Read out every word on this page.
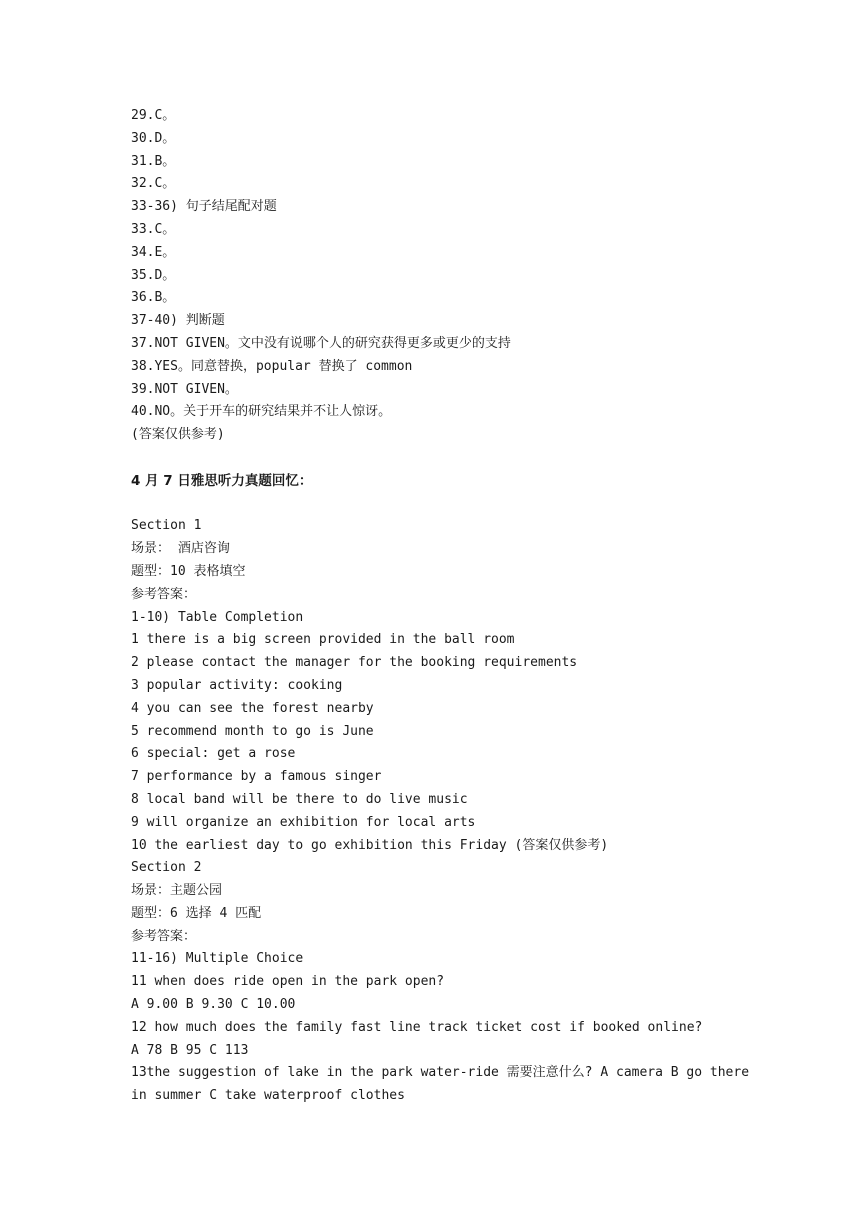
29.C。
30.D。
31.B。
32.C。
33-36) 句子结尾配对题
33.C。
34.E。
35.D。
36.B。
37-40) 判断题
37.NOT GIVEN。文中没有说哪个人的研究获得更多或更少的支持
38.YES。同意替换，popular 替换了 common
39.NOT GIVEN。
40.NO。关于开车的研究结果并不让人惊讶。
(答案仅供参考)
4 月 7 日雅思听力真题回忆：
Section 1
场景： 酒店咨询
题型：10 表格填空
参考答案：
1-10) Table Completion
1 there is a big screen provided in the ball room
2 please contact the manager for the booking requirements
3 popular activity: cooking
4 you can see the forest nearby
5 recommend month to go is June
6 special: get a rose
7 performance by a famous singer
8 local band will be there to do live music
9 will organize an exhibition for local arts
10 the earliest day to go exhibition this Friday (答案仅供参考)
Section 2
场景：主题公园
题型：6 选择 4 匹配
参考答案：
11-16) Multiple Choice
11 when does ride open in the park open?
A 9.00 B 9.30 C 10.00
12 how much does the family fast line track ticket cost if booked online?
A 78 B 95 C 113
13the suggestion of lake in the park water-ride 需要注意什么? A camera B go there
in summer C take waterproof clothes
